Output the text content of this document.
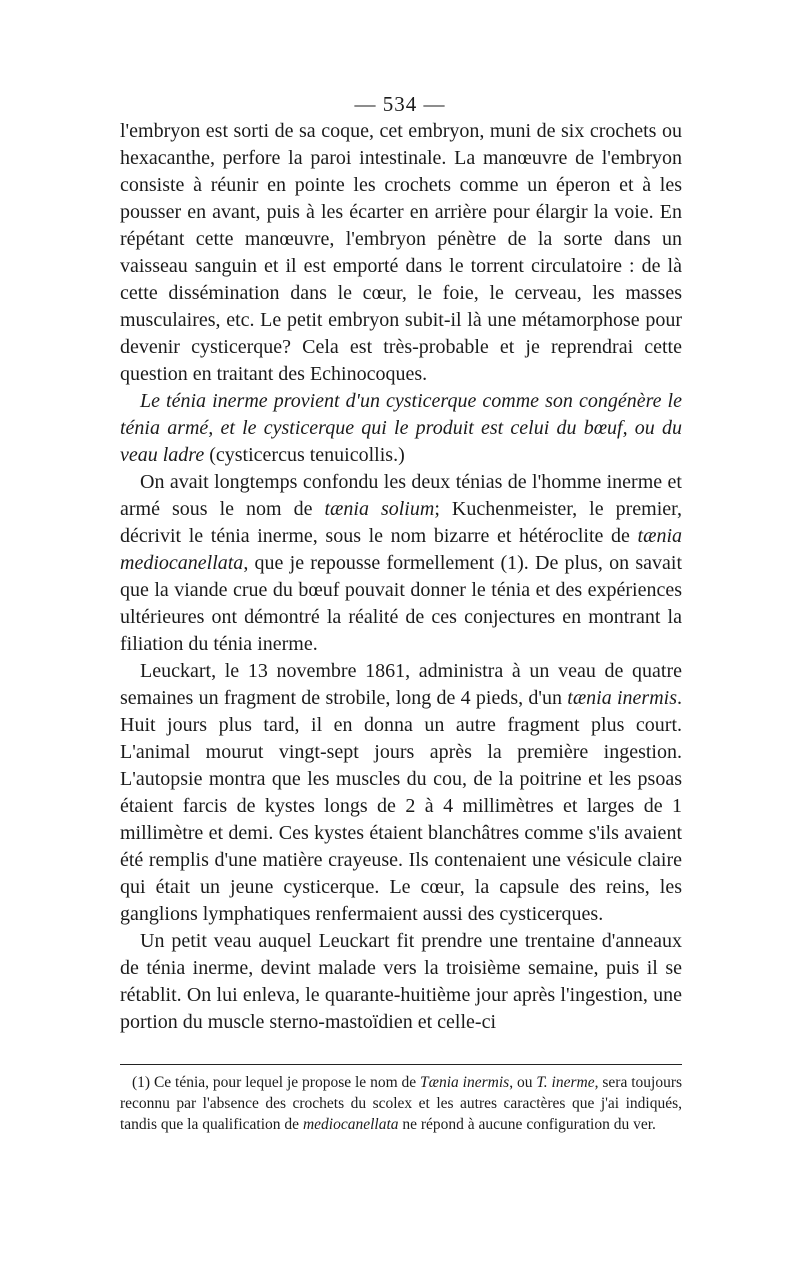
— 534 —

l'embryon est sorti de sa coque, cet embryon, muni de six crochets ou hexacanthe, perfore la paroi intestinale. La manœuvre de l'embryon consiste à réunir en pointe les crochets comme un éperon et à les pousser en avant, puis à les écarter en arrière pour élargir la voie. En répétant cette manœuvre, l'embryon pénètre de la sorte dans un vaisseau sanguin et il est emporté dans le torrent circulatoire : de là cette dissémination dans le cœur, le foie, le cerveau, les masses musculaires, etc. Le petit embryon subit-il là une métamorphose pour devenir cysticerque? Cela est très-probable et je reprendrai cette question en traitant des Echinocoques.

Le ténia inerme provient d'un cysticerque comme son congénère le ténia armé, et le cysticerque qui le produit est celui du bœuf, ou du veau ladre (cysticercus tenuicollis.)

On avait longtemps confondu les deux ténias de l'homme inerme et armé sous le nom de tænia solium; Kuchenmeister, le premier, décrivit le ténia inerme, sous le nom bizarre et hétéroclite de tænia mediocanellata, que je repousse formellement (1). De plus, on savait que la viande crue du bœuf pouvait donner le ténia et des expériences ultérieures ont démontré la réalité de ces conjectures en montrant la filiation du ténia inerme.

Leuckart, le 13 novembre 1861, administra à un veau de quatre semaines un fragment de strobile, long de 4 pieds, d'un tænia inermis. Huit jours plus tard, il en donna un autre fragment plus court. L'animal mourut vingt-sept jours après la première ingestion. L'autopsie montra que les muscles du cou, de la poitrine et les psoas étaient farcis de kystes longs de 2 à 4 millimètres et larges de 1 millimètre et demi. Ces kystes étaient blanchâtres comme s'ils avaient été remplis d'une matière crayeuse. Ils contenaient une vésicule claire qui était un jeune cysticerque. Le cœur, la capsule des reins, les ganglions lymphatiques renfermaient aussi des cysticerques.

Un petit veau auquel Leuckart fit prendre une trentaine d'anneaux de ténia inerme, devint malade vers la troisième semaine, puis il se rétablit. On lui enleva, le quarante-huitième jour après l'ingestion, une portion du muscle sterno-mastoïdien et celle-ci

(1) Ce ténia, pour lequel je propose le nom de Tænia inermis, ou T. inerme, sera toujours reconnu par l'absence des crochets du scolex et les autres caractères que j'ai indiqués, tandis que la qualification de mediocanellata ne répond à aucune configuration du ver.
